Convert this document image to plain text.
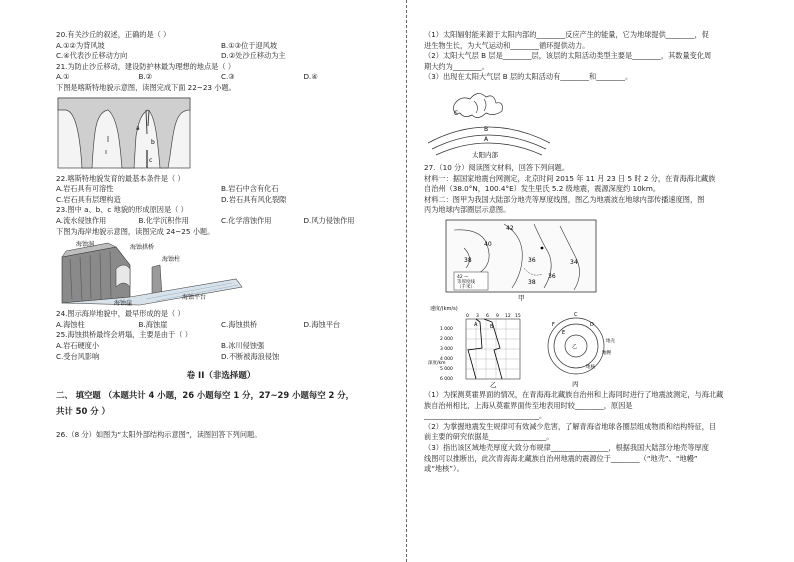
20.有关沙丘的叙述，正确的是（ ）
A.①②为背风坡	B.①③位于迎风坡
C.④代表沙丘移动方向	D.②处沙丘移动为主
21.为防止沙丘移动，建设防护林最为理想的地点是（ ）
A.①	B.②	C.③	D.④
下图是喀斯特地貌示意图，读图完成下面 22~23 小题。
a
b
c
22.喀斯特地貌发育的最基本条件是（ ）
A.岩石具有可溶性	B.岩石中含有化石
C.岩石具有层理构造	D.岩石具有风化裂隙
23.图中 a、b、c 地貌的形成原因是（ ）
A.流水侵蚀作用	B.化学沉积作用	C.化学溶蚀作用	D.风力侵蚀作用
下图为海岸地貌示意图，读图完成 24~25 小题。
海蚀洞	海蚀拱桥
海蚀柱
海蚀崖
海蚀平台
24.图示海岸地貌中，最早形成的是（ ）
A.海蚀柱	B.海蚀崖	C.海蚀拱桥	D.海蚀平台
25.海蚀拱桥最终会坍塌，主要是由于（ ）
A.岩石硬度小	B.冰川侵蚀强
C.受台风影响	D.不断被海浪侵蚀
卷 II（非选择题）
二、 填空题 （本题共计 4 小题，26 小题每空 1 分，27~29 小题每空 2 分，
共计 50 分 ）
26.（8 分）如图为“太阳外部结构示意图”，读图回答下列问题。
（1）太阳辐射能来源于太阳内部的________反应产生的能量，它为地球提供________，促
进生物生长，为大气运动和________循环提供动力。
（2）太阳大气层 B 层是________层，该层的太阳活动类型主要是________，其数量变化周
期大约为________。
（3）出现在太阳大气层 B 层的太阳活动有________和________。
C
B
A
太阳内部
27.（10 分）阅读图文材料，回答下列问题。
材料一：据国家地震台网测定，北京时间 2015 年 11 月 23 日 5 时 2 分，在青海海北藏族
自治州（38.0°N，100.4°E）发生里氏 5.2 级地震，震源深度约 10km。
材料二：图甲为我国大陆部分地壳等厚度线图，图乙为地震波在地球内部传播速度图，图
丙为地球内部圈层示意图。
42
40
38	36	34
36
38
42 —
等厚度线
（千米）
甲
速度/(km/s)
0 3 6 9 12 15
1 000
2 000
3 000
4 000
5 000
6 000
深度/km
A	B
乙
F
E
C
D
乙
地壳
地幔
地核
丙
（1）为探测莫霍界面的情况，在青海海北藏族自治州和上海同时进行了地震波测定，与海北藏
族自治州相比，上海从莫霍界面传至地表用时较________，原因是
________________________________。
（2）为掌握地震发生规律可有效减少危害，了解青海省地球各圈层组成物质和结构特征，目
前主要的研究依据是________________。
（3）指出该区域地壳厚度大致分布规律________________，根据我国大陆部分地壳等厚度
线图可以推断出，此次青海海北藏族自治州地震的震源位于________（“地壳”、“地幔”
或“地核”）。
